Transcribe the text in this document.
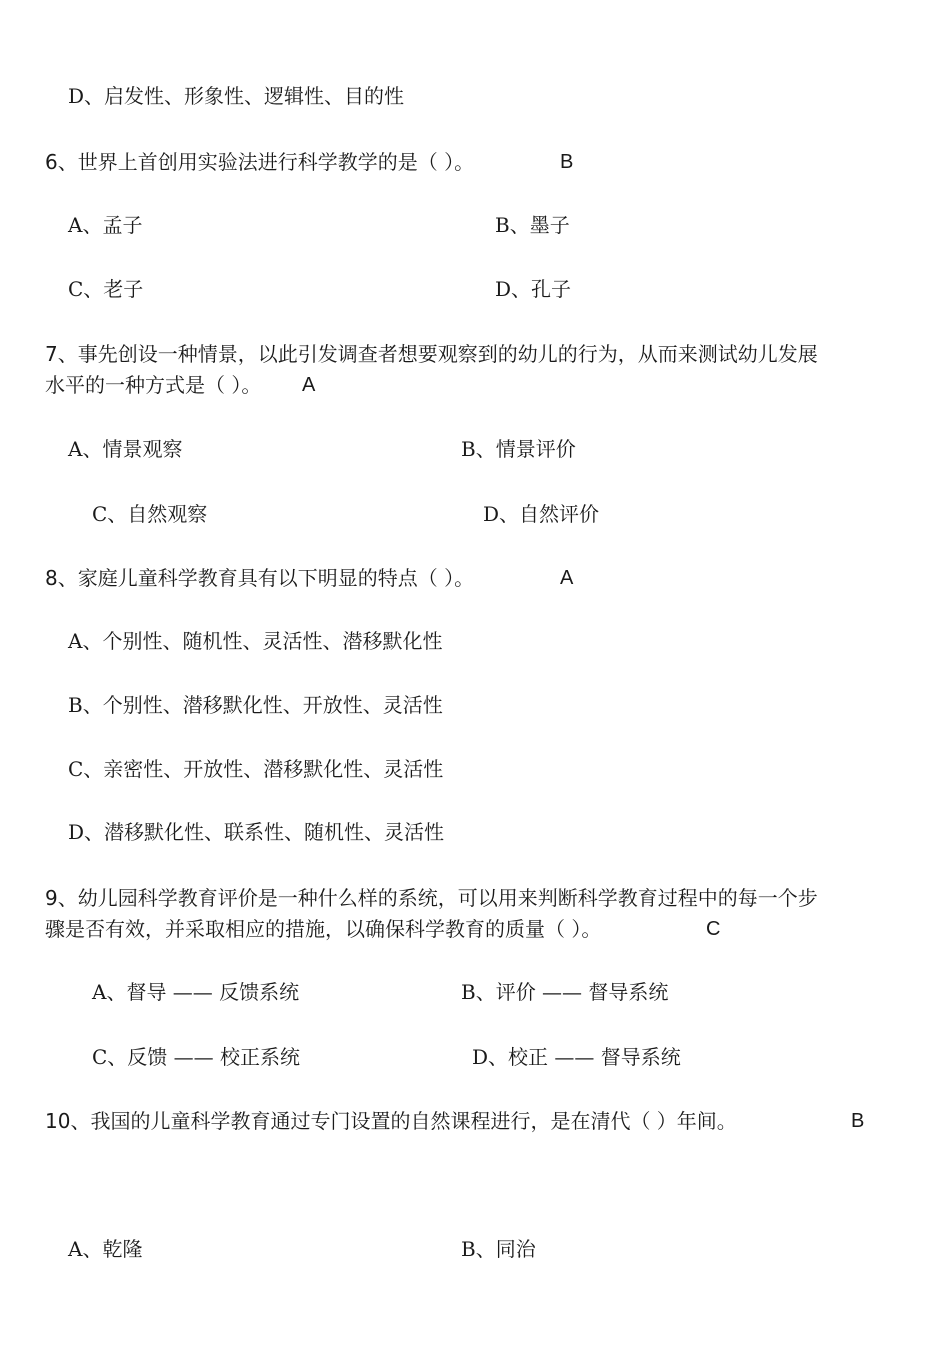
D、启发性、形象性、逻辑性、目的性
6、世界上首创用实验法进行科学教学的是（ ）。	B
A、孟子	B、墨子
C、老子	D、孔子
7、事先创设一种情景，以此引发调查者想要观察到的幼儿的行为，从而来测试幼儿发展
水平的一种方式是（ ）。 A
A、情景观察	B、情景评价
C、自然观察	D、自然评价
8、家庭儿童科学教育具有以下明显的特点（ ）。	A
A、个别性、随机性、灵活性、潜移默化性
B、个别性、潜移默化性、开放性、灵活性
C、亲密性、开放性、潜移默化性、灵活性
D、潜移默化性、联系性、随机性、灵活性
9、幼儿园科学教育评价是一种什么样的系统，可以用来判断科学教育过程中的每一个步
骤是否有效，并采取相应的措施，以确保科学教育的质量（ ）。	C
A、督导 —— 反馈系统	B、评价 —— 督导系统
C、反馈 —— 校正系统	D、校正 —— 督导系统
10、我国的儿童科学教育通过专门设置的自然课程进行，是在清代（ ）年间。	B
A、乾隆	B、同治
